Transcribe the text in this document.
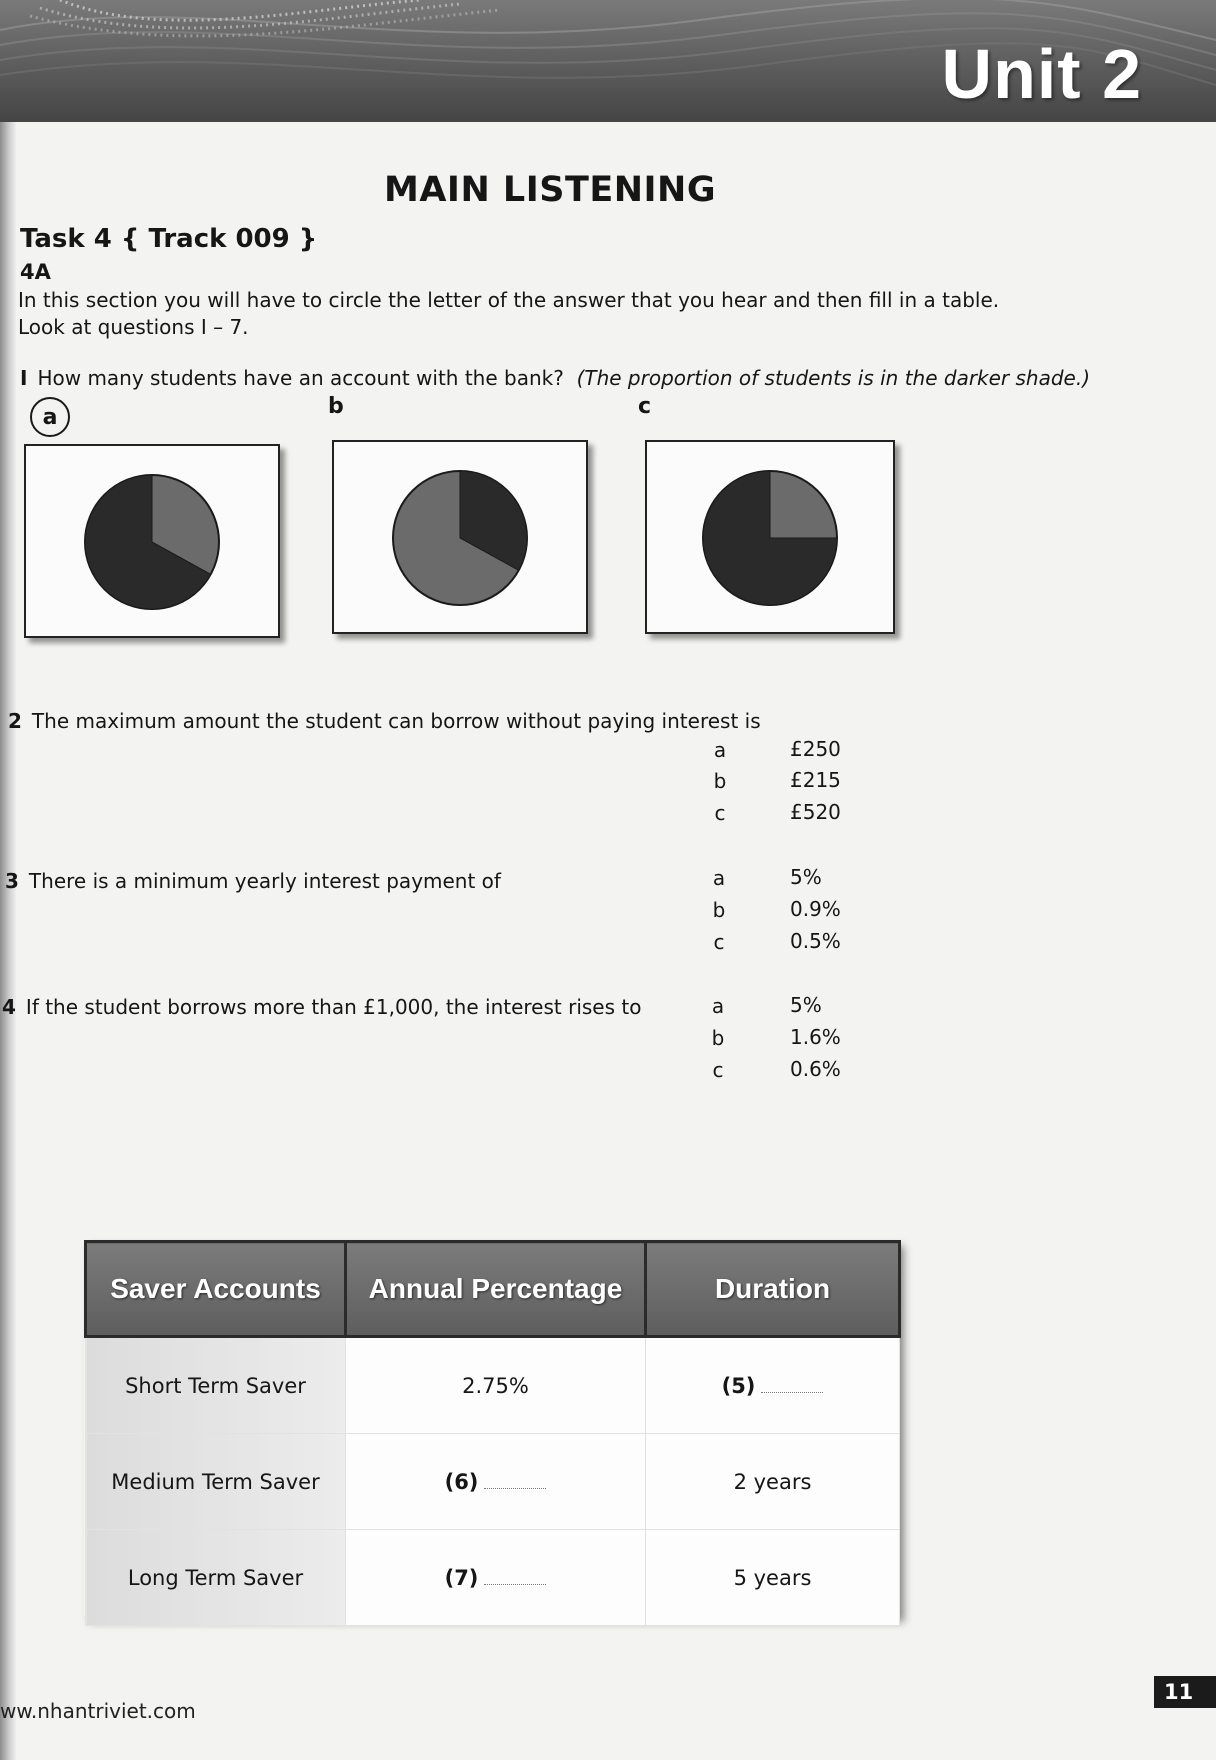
Unit 2
MAIN LISTENING
Task 4 { Track 009 }
4A
In this section you will have to circle the letter of the answer that you hear and then fill in a table.
Look at questions I – 7.
I How many students have an account with the bank? (The proportion of students is in the darker shade.)
a	b	c
2 The maximum amount the student can borrow without paying interest is
a	£250
b	£215
c	£520
3 There is a minimum yearly interest payment of	a	5%
b	0.9%
c	0.5%
4 If the student borrows more than £1,000, the interest rises to	a	5%
b	1.6%
c	0.6%
Saver Accounts	Annual Percentage	Duration
Short Term Saver	2.75%	(5)
Medium Term Saver	(6)	2 years
Long Term Saver	(7)	5 years
ww.nhantriviet.com
11
